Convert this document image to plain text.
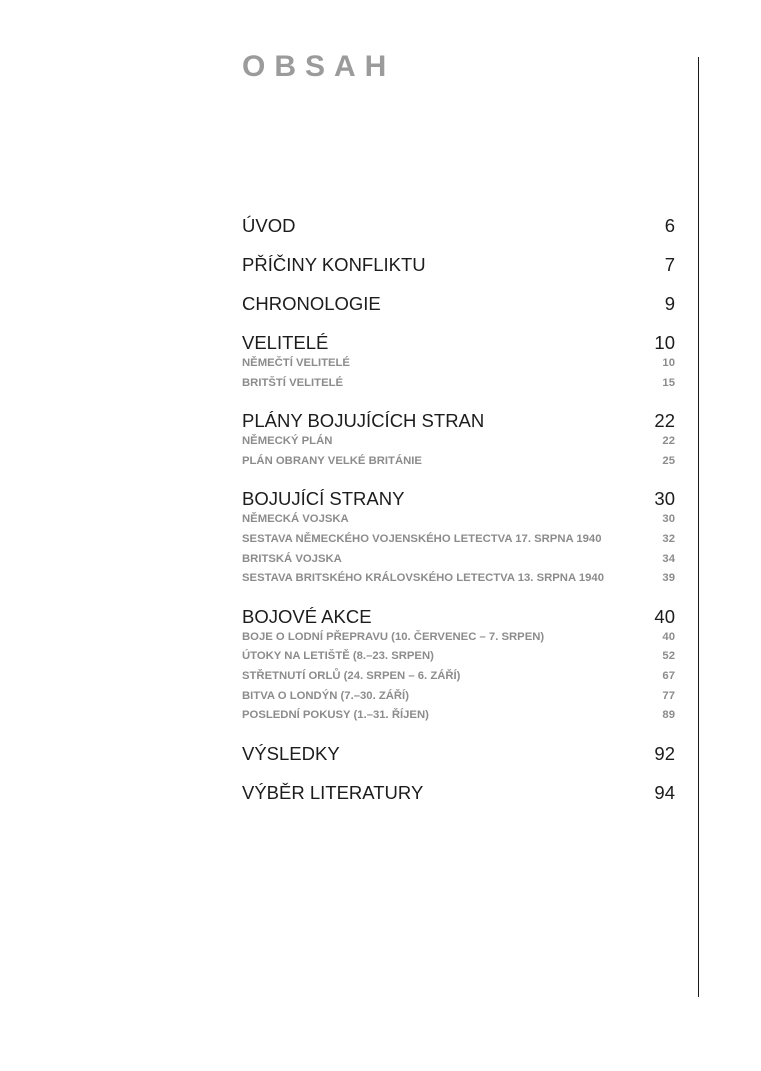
OBSAH
ÚVOD	6
PŘÍČINY KONFLIKTU	7
CHRONOLOGIE	9
VELITELÉ	10
NĚMEČTÍ VELITELÉ	10
BRITŠTÍ VELITELÉ	15
PLÁNY BOJUJÍCÍCH STRAN	22
NĚMECKÝ PLÁN	22
PLÁN OBRANY VELKÉ BRITÁNIE	25
BOJUJÍCÍ STRANY	30
NĚMECKÁ VOJSKA	30
SESTAVA NĚMECKÉHO VOJENSKÉHO LETECTVA 17. SRPNA 1940	32
BRITSKÁ VOJSKA	34
SESTAVA BRITSKÉHO KRÁLOVSKÉHO LETECTVA 13. SRPNA 1940	39
BOJOVÉ AKCE	40
BOJE O LODNÍ PŘEPRAVU (10. ČERVENEC – 7. SRPEN)	40
ÚTOKY NA LETIŠTĚ (8.–23. SRPEN)	52
STŘETNUTÍ ORLŮ (24. SRPEN – 6. ZÁŘÍ)	67
BITVA O LONDÝN (7.–30. ZÁŘÍ)	77
POSLEDNÍ POKUSY (1.–31. ŘÍJEN)	89
VÝSLEDKY	92
VÝBĚR LITERATURY	94
